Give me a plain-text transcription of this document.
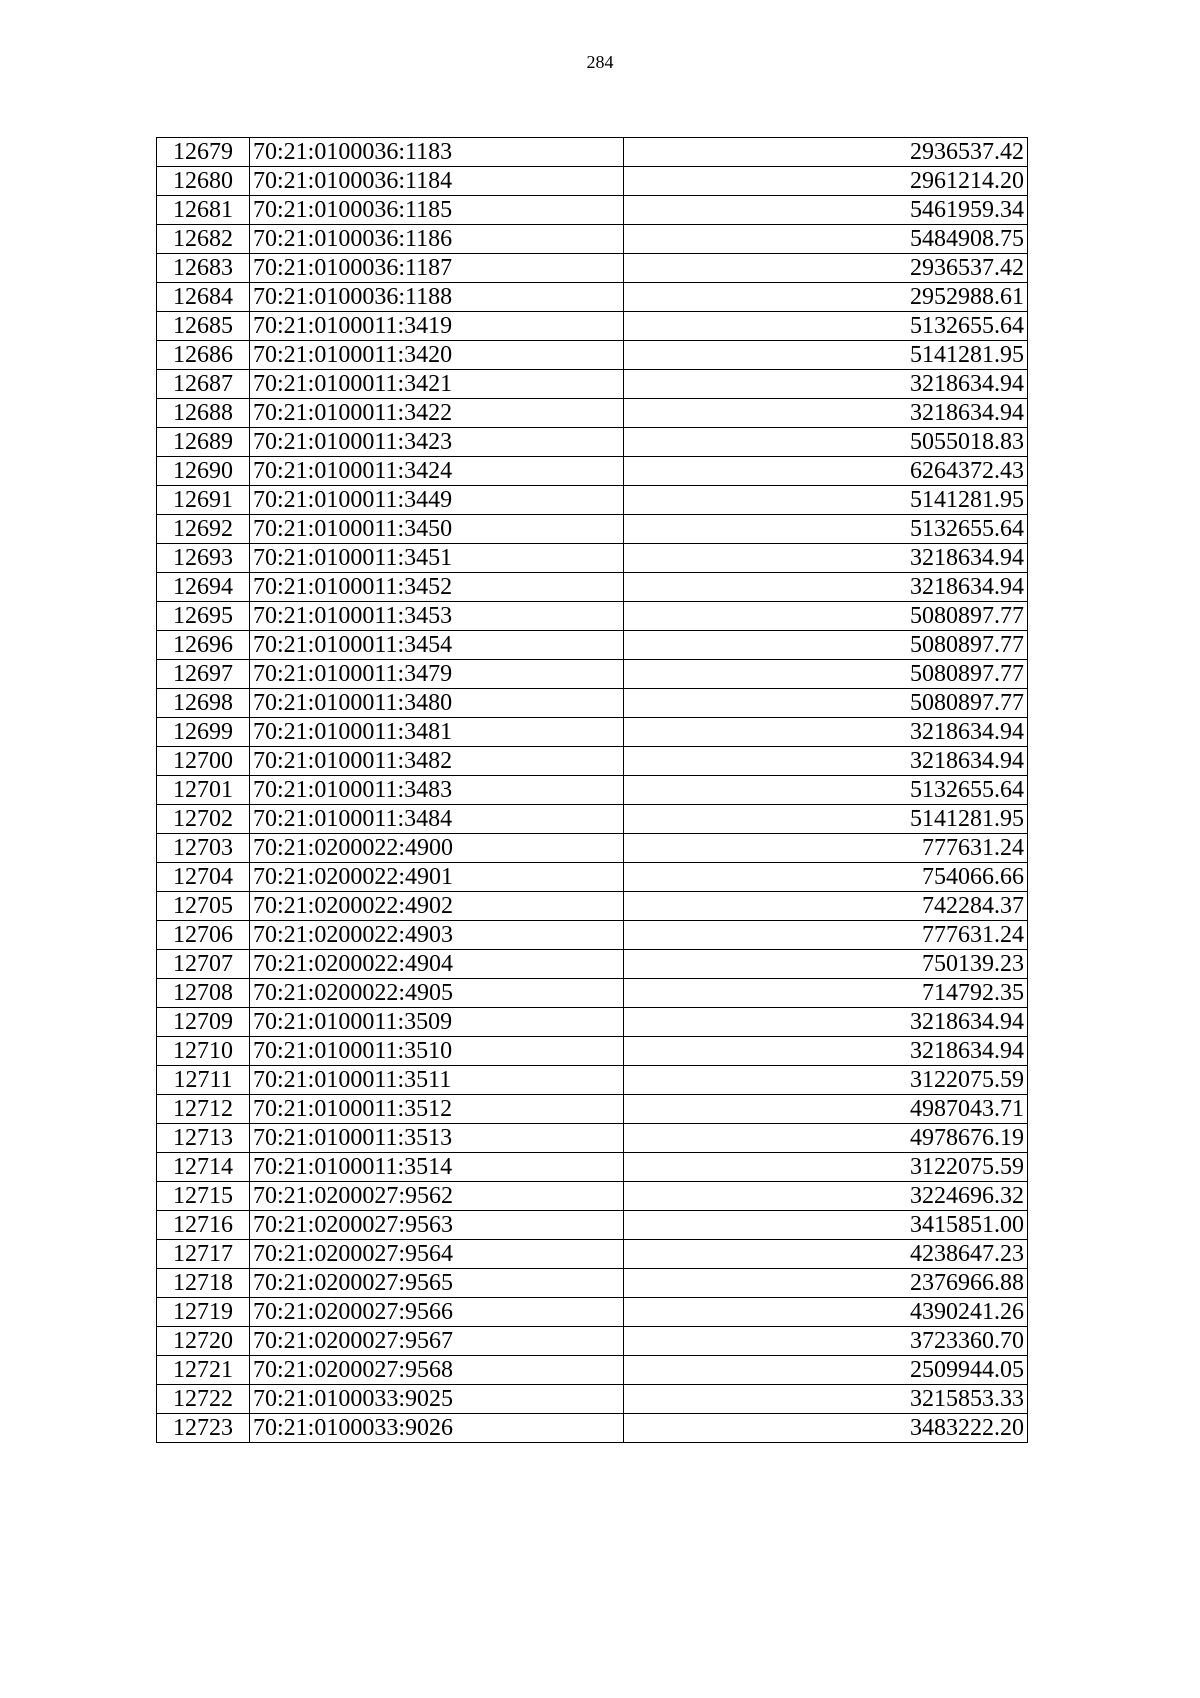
284
12679	70:21:0100036:1183	2936537.42
12680	70:21:0100036:1184	2961214.20
12681	70:21:0100036:1185	5461959.34
12682	70:21:0100036:1186	5484908.75
12683	70:21:0100036:1187	2936537.42
12684	70:21:0100036:1188	2952988.61
12685	70:21:0100011:3419	5132655.64
12686	70:21:0100011:3420	5141281.95
12687	70:21:0100011:3421	3218634.94
12688	70:21:0100011:3422	3218634.94
12689	70:21:0100011:3423	5055018.83
12690	70:21:0100011:3424	6264372.43
12691	70:21:0100011:3449	5141281.95
12692	70:21:0100011:3450	5132655.64
12693	70:21:0100011:3451	3218634.94
12694	70:21:0100011:3452	3218634.94
12695	70:21:0100011:3453	5080897.77
12696	70:21:0100011:3454	5080897.77
12697	70:21:0100011:3479	5080897.77
12698	70:21:0100011:3480	5080897.77
12699	70:21:0100011:3481	3218634.94
12700	70:21:0100011:3482	3218634.94
12701	70:21:0100011:3483	5132655.64
12702	70:21:0100011:3484	5141281.95
12703	70:21:0200022:4900	777631.24
12704	70:21:0200022:4901	754066.66
12705	70:21:0200022:4902	742284.37
12706	70:21:0200022:4903	777631.24
12707	70:21:0200022:4904	750139.23
12708	70:21:0200022:4905	714792.35
12709	70:21:0100011:3509	3218634.94
12710	70:21:0100011:3510	3218634.94
12711	70:21:0100011:3511	3122075.59
12712	70:21:0100011:3512	4987043.71
12713	70:21:0100011:3513	4978676.19
12714	70:21:0100011:3514	3122075.59
12715	70:21:0200027:9562	3224696.32
12716	70:21:0200027:9563	3415851.00
12717	70:21:0200027:9564	4238647.23
12718	70:21:0200027:9565	2376966.88
12719	70:21:0200027:9566	4390241.26
12720	70:21:0200027:9567	3723360.70
12721	70:21:0200027:9568	2509944.05
12722	70:21:0100033:9025	3215853.33
12723	70:21:0100033:9026	3483222.20
